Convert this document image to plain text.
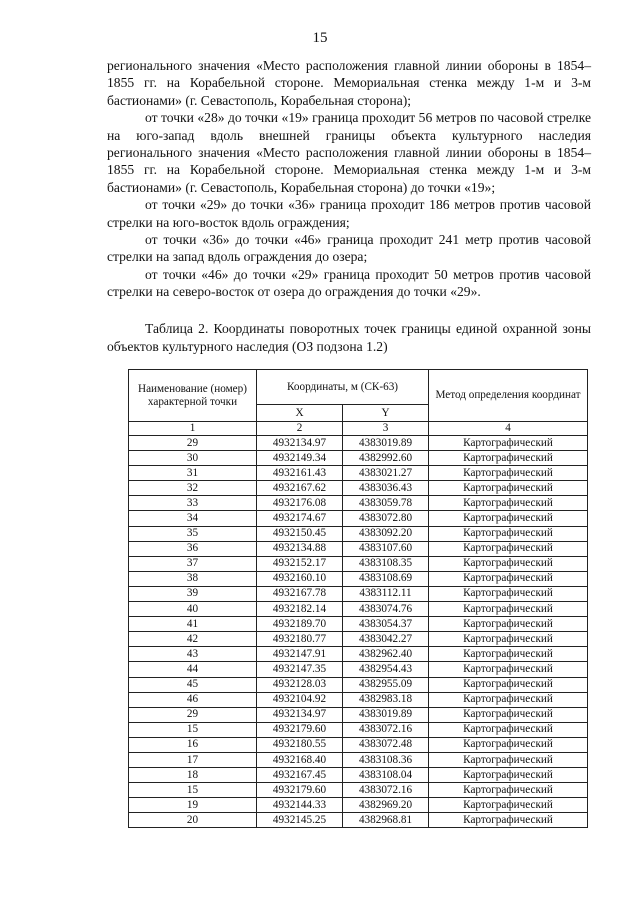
15

регионального значения «Место расположения главной линии обороны в 1854–1855 гг. на Корабельной стороне. Мемориальная стенка между 1-м и 3-м бастионами» (г. Севастополь, Корабельная сторона);

от точки «28» до точки «19» граница проходит 56 метров по часовой стрелке на юго-запад вдоль внешней границы объекта культурного наследия регионального значения «Место расположения главной линии обороны в 1854–1855 гг. на Корабельной стороне. Мемориальная стенка между 1-м и 3-м бастионами» (г. Севастополь, Корабельная сторона) до точки «19»;

от точки «29» до точки «36» граница проходит 186 метров против часовой стрелки на юго-восток вдоль ограждения;

от точки «36» до точки «46» граница проходит 241 метр против часовой стрелки на запад вдоль ограждения до озера;

от точки «46» до точки «29» граница проходит 50 метров против часовой стрелки на северо-восток от озера до ограждения до точки «29».

Таблица 2. Координаты поворотных точек границы единой охранной зоны объектов культурного наследия (ОЗ подзона 1.2)
Наименование (номер) характерной точки	Координаты, м (СК-63)		Метод определения координат
	X	Y	
1	2	3	4
29	4932134.97	4383019.89	Картографический
30	4932149.34	4382992.60	Картографический
31	4932161.43	4383021.27	Картографический
32	4932167.62	4383036.43	Картографический
33	4932176.08	4383059.78	Картографический
34	4932174.67	4383072.80	Картографический
35	4932150.45	4383092.20	Картографический
36	4932134.88	4383107.60	Картографический
37	4932152.17	4383108.35	Картографический
38	4932160.10	4383108.69	Картографический
39	4932167.78	4383112.11	Картографический
40	4932182.14	4383074.76	Картографический
41	4932189.70	4383054.37	Картографический
42	4932180.77	4383042.27	Картографический
43	4932147.91	4382962.40	Картографический
44	4932147.35	4382954.43	Картографический
45	4932128.03	4382955.09	Картографический
46	4932104.92	4382983.18	Картографический
29	4932134.97	4383019.89	Картографический
15	4932179.60	4383072.16	Картографический
16	4932180.55	4383072.48	Картографический
17	4932168.40	4383108.36	Картографический
18	4932167.45	4383108.04	Картографический
15	4932179.60	4383072.16	Картографический
19	4932144.33	4382969.20	Картографический
20	4932145.25	4382968.81	Картографический
